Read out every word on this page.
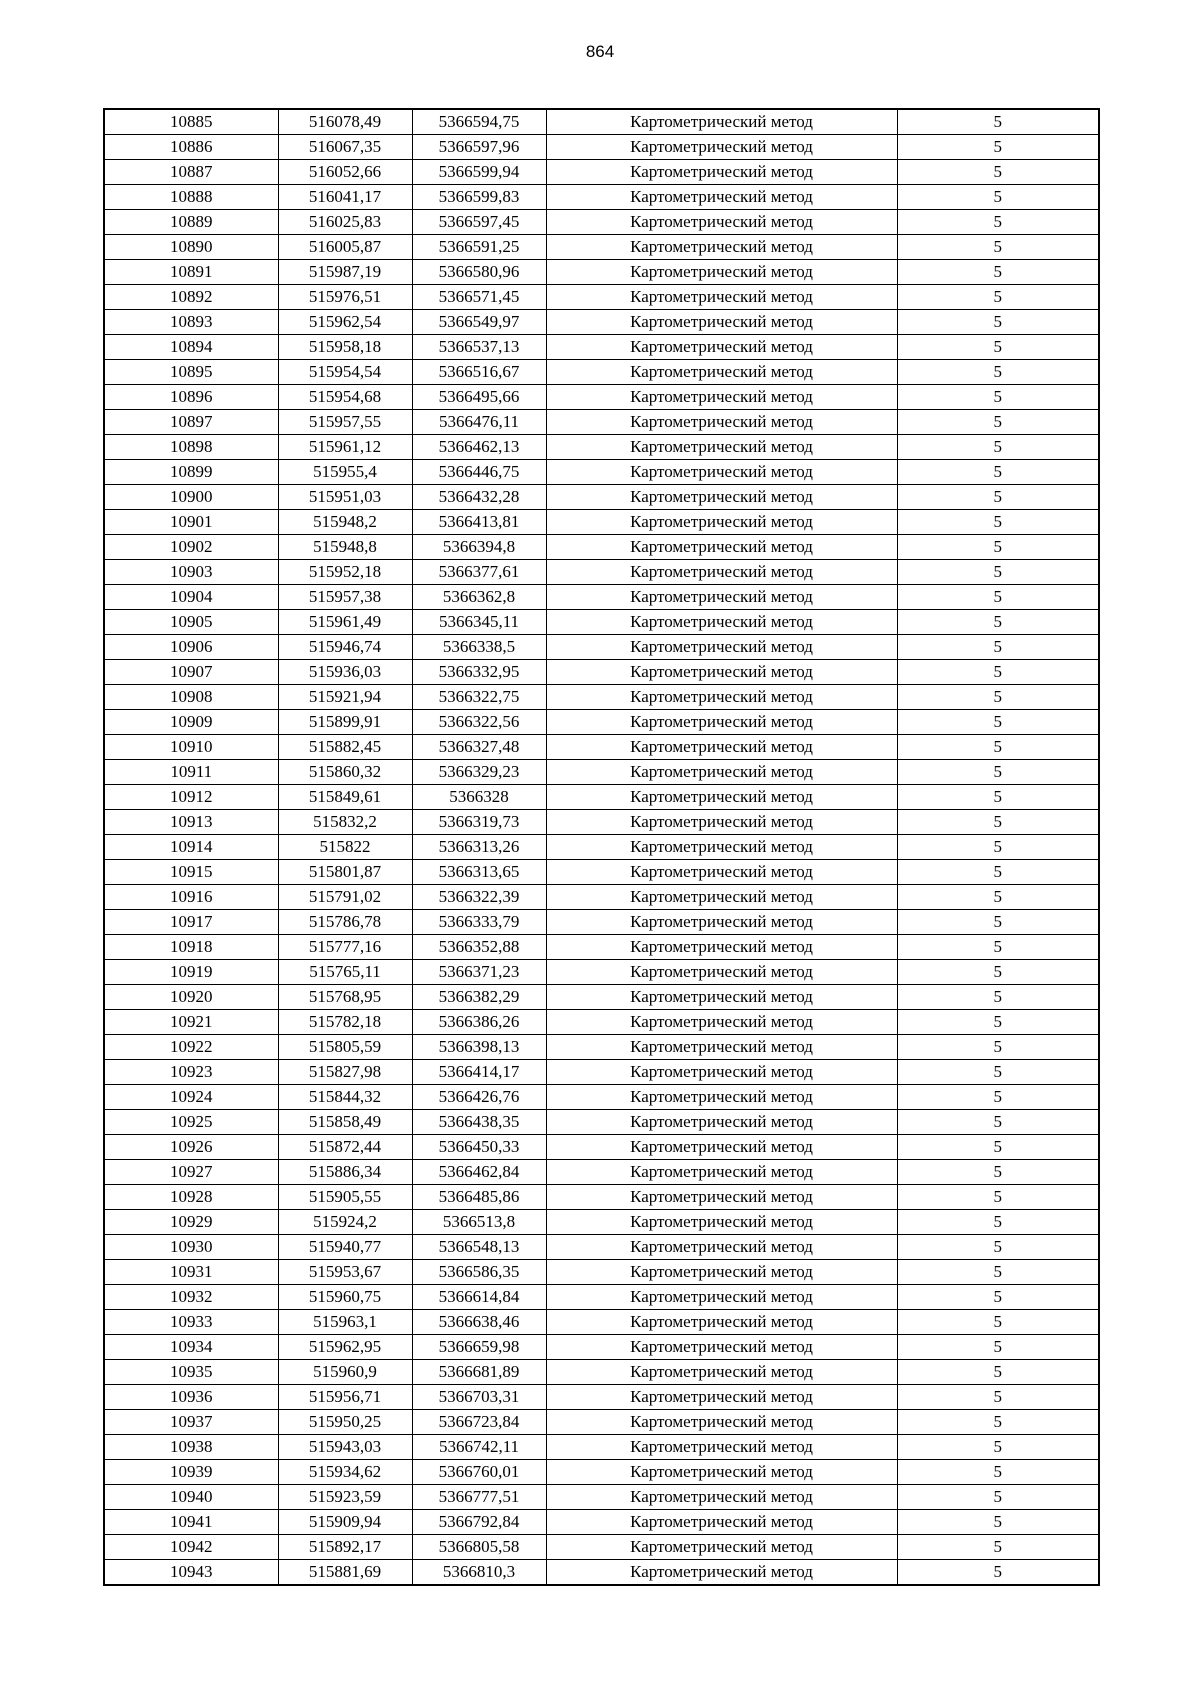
864
10885	516078,49	5366594,75	Картометрический метод	5
10886	516067,35	5366597,96	Картометрический метод	5
10887	516052,66	5366599,94	Картометрический метод	5
10888	516041,17	5366599,83	Картометрический метод	5
10889	516025,83	5366597,45	Картометрический метод	5
10890	516005,87	5366591,25	Картометрический метод	5
10891	515987,19	5366580,96	Картометрический метод	5
10892	515976,51	5366571,45	Картометрический метод	5
10893	515962,54	5366549,97	Картометрический метод	5
10894	515958,18	5366537,13	Картометрический метод	5
10895	515954,54	5366516,67	Картометрический метод	5
10896	515954,68	5366495,66	Картометрический метод	5
10897	515957,55	5366476,11	Картометрический метод	5
10898	515961,12	5366462,13	Картометрический метод	5
10899	515955,4	5366446,75	Картометрический метод	5
10900	515951,03	5366432,28	Картометрический метод	5
10901	515948,2	5366413,81	Картометрический метод	5
10902	515948,8	5366394,8	Картометрический метод	5
10903	515952,18	5366377,61	Картометрический метод	5
10904	515957,38	5366362,8	Картометрический метод	5
10905	515961,49	5366345,11	Картометрический метод	5
10906	515946,74	5366338,5	Картометрический метод	5
10907	515936,03	5366332,95	Картометрический метод	5
10908	515921,94	5366322,75	Картометрический метод	5
10909	515899,91	5366322,56	Картометрический метод	5
10910	515882,45	5366327,48	Картометрический метод	5
10911	515860,32	5366329,23	Картометрический метод	5
10912	515849,61	5366328	Картометрический метод	5
10913	515832,2	5366319,73	Картометрический метод	5
10914	515822	5366313,26	Картометрический метод	5
10915	515801,87	5366313,65	Картометрический метод	5
10916	515791,02	5366322,39	Картометрический метод	5
10917	515786,78	5366333,79	Картометрический метод	5
10918	515777,16	5366352,88	Картометрический метод	5
10919	515765,11	5366371,23	Картометрический метод	5
10920	515768,95	5366382,29	Картометрический метод	5
10921	515782,18	5366386,26	Картометрический метод	5
10922	515805,59	5366398,13	Картометрический метод	5
10923	515827,98	5366414,17	Картометрический метод	5
10924	515844,32	5366426,76	Картометрический метод	5
10925	515858,49	5366438,35	Картометрический метод	5
10926	515872,44	5366450,33	Картометрический метод	5
10927	515886,34	5366462,84	Картометрический метод	5
10928	515905,55	5366485,86	Картометрический метод	5
10929	515924,2	5366513,8	Картометрический метод	5
10930	515940,77	5366548,13	Картометрический метод	5
10931	515953,67	5366586,35	Картометрический метод	5
10932	515960,75	5366614,84	Картометрический метод	5
10933	515963,1	5366638,46	Картометрический метод	5
10934	515962,95	5366659,98	Картометрический метод	5
10935	515960,9	5366681,89	Картометрический метод	5
10936	515956,71	5366703,31	Картометрический метод	5
10937	515950,25	5366723,84	Картометрический метод	5
10938	515943,03	5366742,11	Картометрический метод	5
10939	515934,62	5366760,01	Картометрический метод	5
10940	515923,59	5366777,51	Картометрический метод	5
10941	515909,94	5366792,84	Картометрический метод	5
10942	515892,17	5366805,58	Картометрический метод	5
10943	515881,69	5366810,3	Картометрический метод	5
